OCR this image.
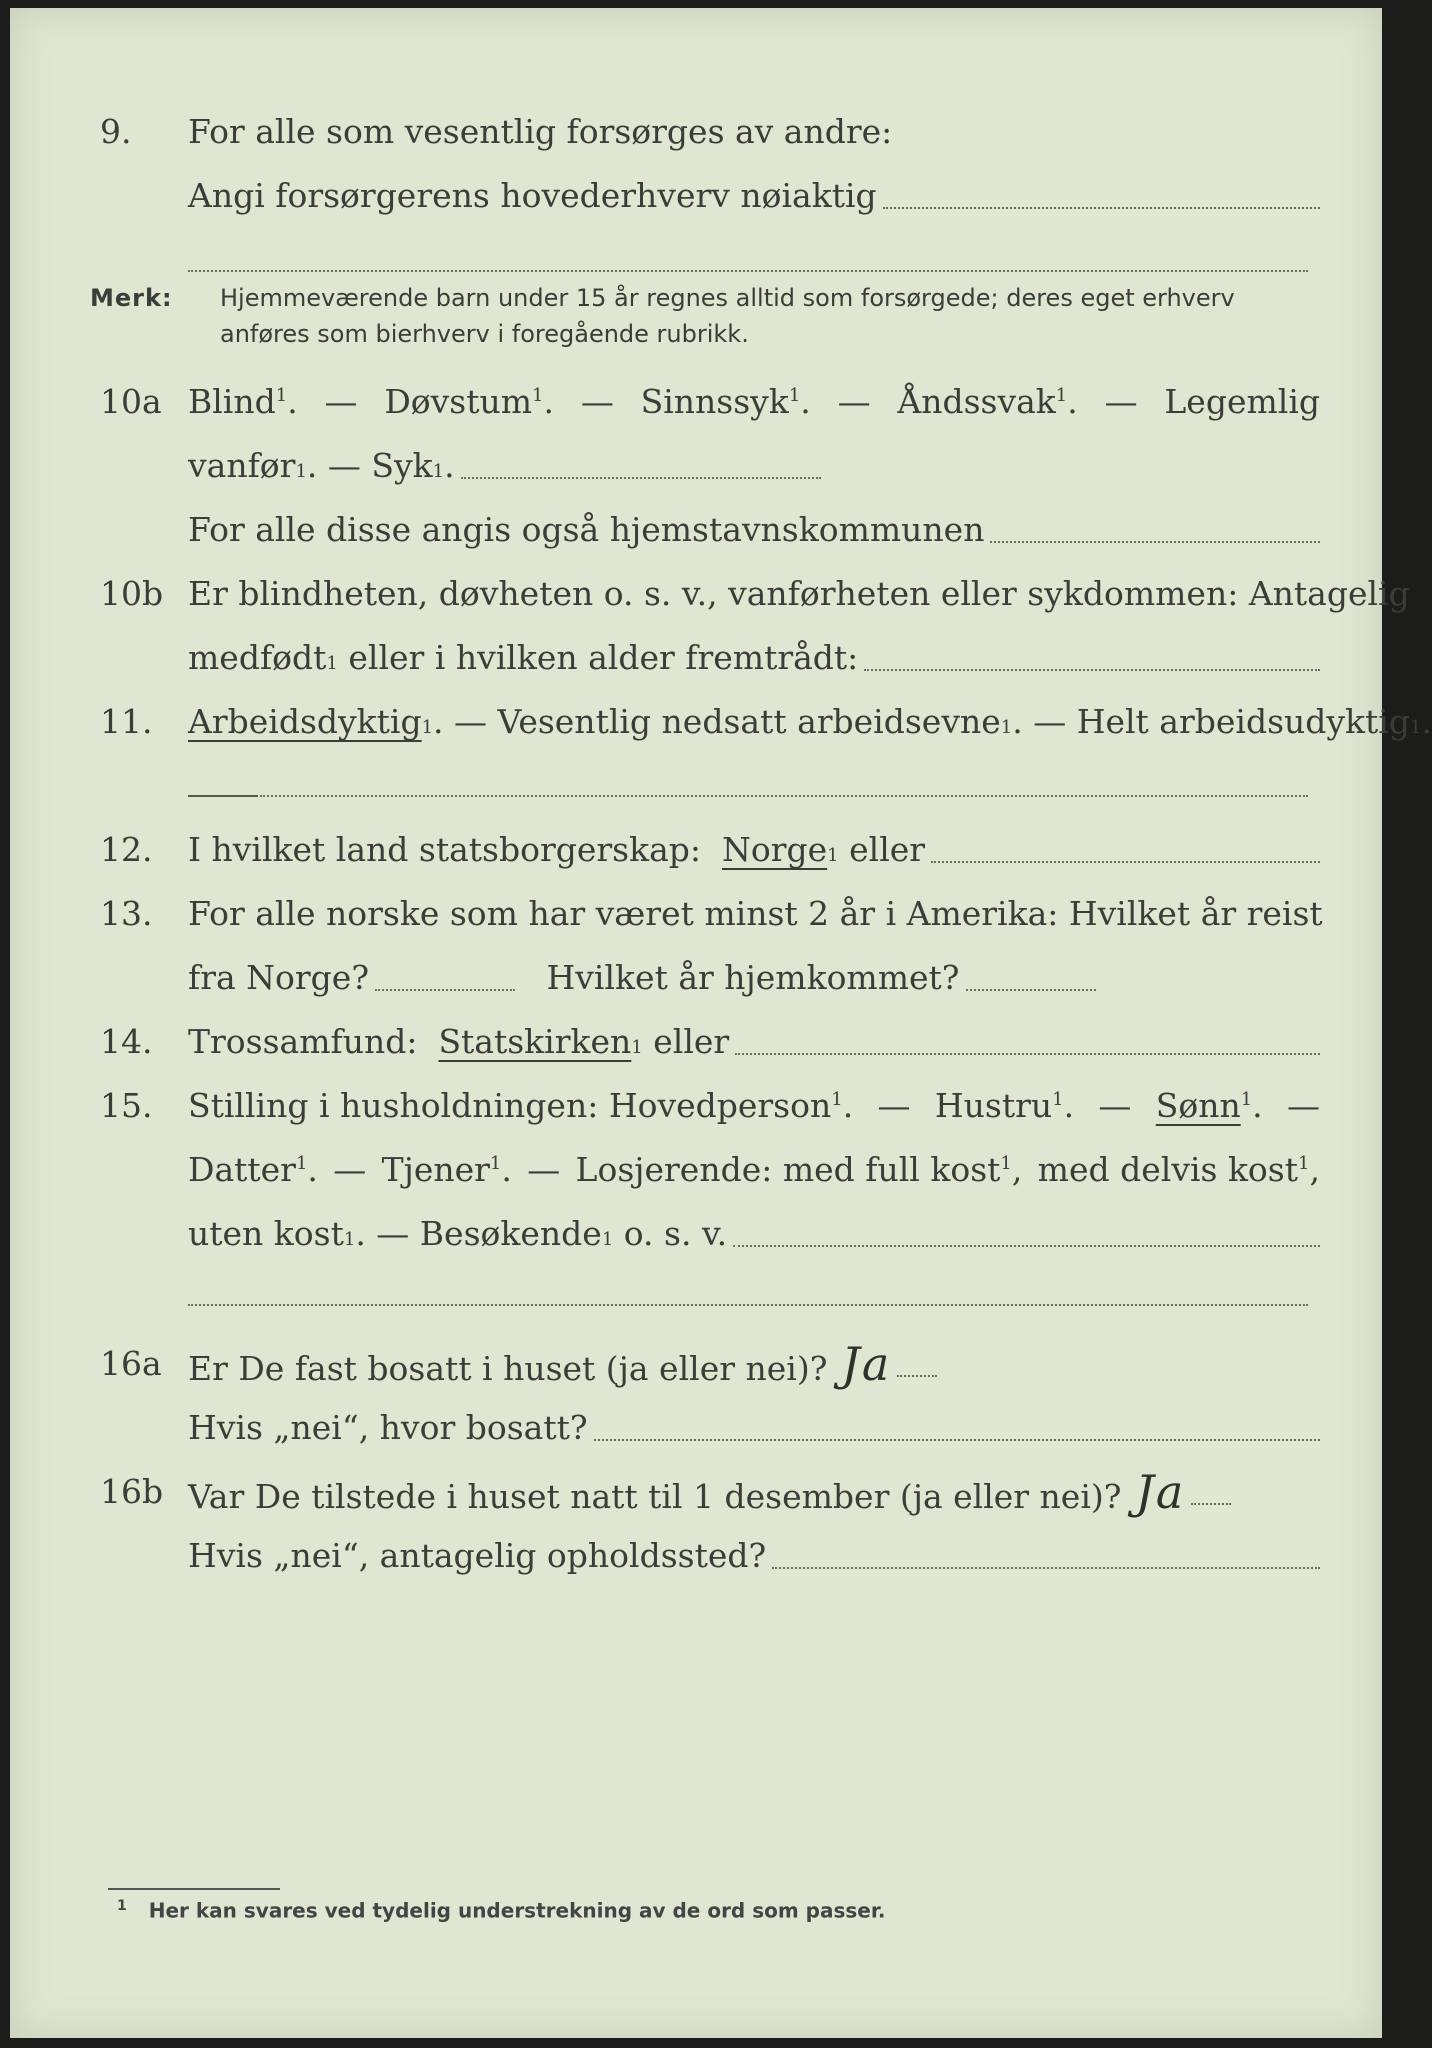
9.	For alle som vesentlig forsørges av andre:
Angi forsørgerens hovederhverv nøiaktig
Merk: Hjemmeværende barn under 15 år regnes alltid som forsørgede; deres eget erhverv anføres som bierhverv i foregående rubrikk.
10a Blind$^1$. — Døvstum$^1$. — Sinnssyk$^1$. — Åndssvak$^1$. — Legemlig
vanfør 1 . —
Syk 1 .
For alle disse angis også hjemstavnskommunen
10b Er blindheten, døvheten o. s. v., vanførheten eller sykdommen: Antagelig
medfødt 1
eller i hvilken alder fremtrådt:
11.	Arbeidsdyktig 1 . —
Vesentlig nedsatt arbeidsevne 1 . —
Helt arbeidsudyktig 1 .
12.	I hvilket land statsborgerskap:
Norge 1
eller
13.	For alle norske som har været minst 2 år i Amerika: Hvilket år reist
fra Norge?
	Hvilket år hjemkommet?
14.	Trossamfund:
Statskirken 1
eller
15.	Stilling i husholdningen: Hovedperson$^1$. — Hustru$^1$. — Sønn$^1$. —
Datter$^1$. — Tjener$^1$. — Losjerende: med full kost$^1$, med delvis kost$^1$,
uten kost 1 . —
Besøkende 1
o. s. v.
16a Er De fast bosatt i huset (ja eller nei)? Ja
Hvis „nei“, hvor bosatt?
16b Var De tilstede i huset natt til 1 desember (ja eller nei)? Ja
Hvis „nei“, antagelig opholdssted?
$^1$ Her kan svares ved tydelig understrekning av de ord som passer.
